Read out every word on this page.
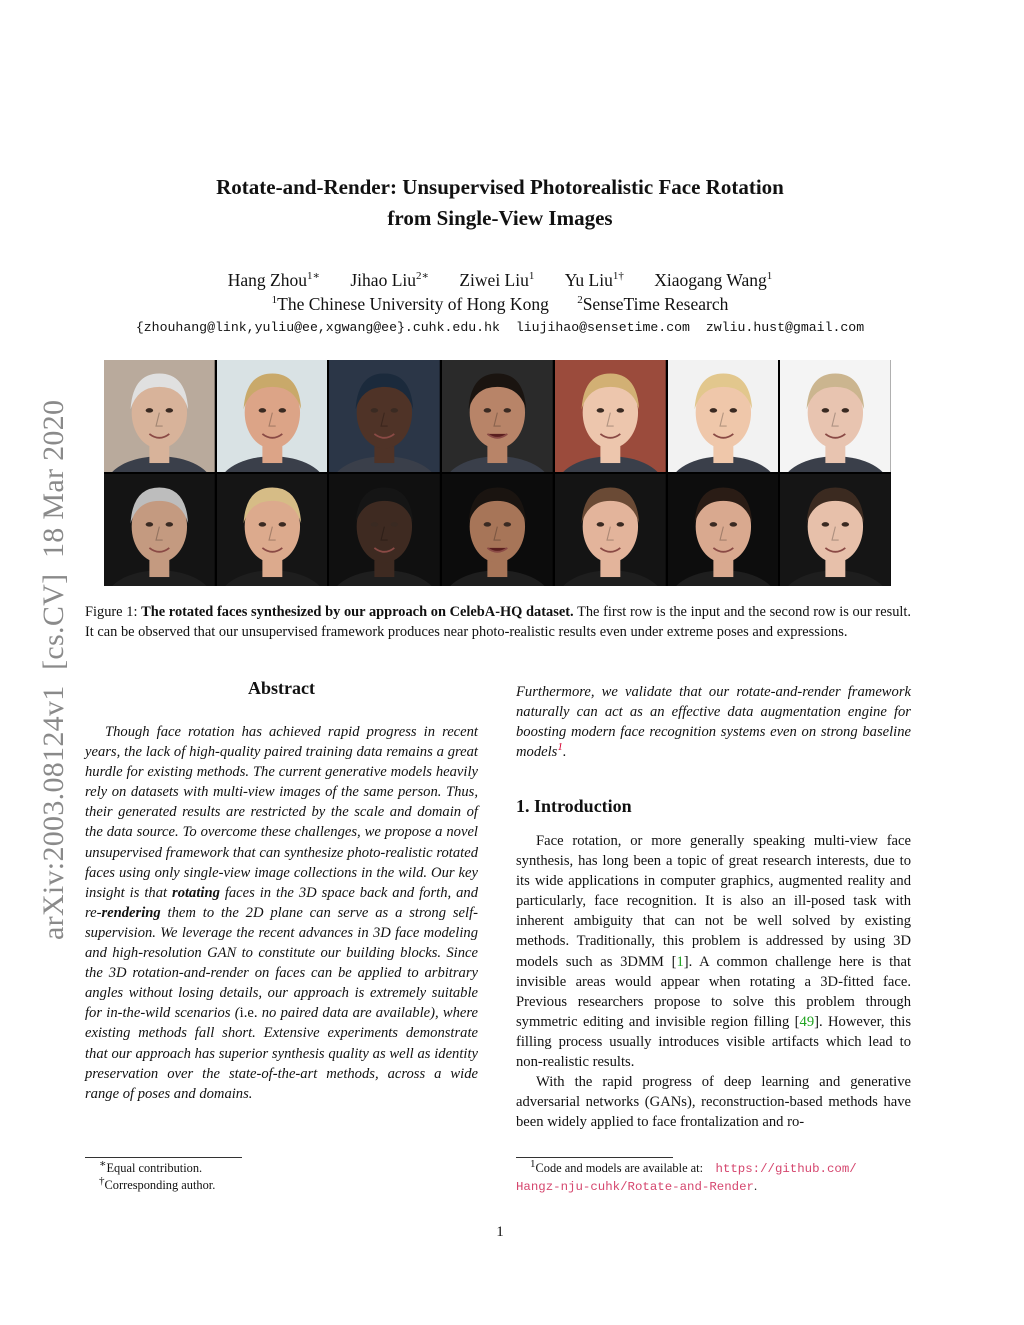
arXiv:2003.08124v1  [cs.CV]  18 Mar 2020
Rotate-and-Render: Unsupervised Photorealistic Face Rotation
from Single-View Images
Hang Zhou$^{1∗}$ Jihao Liu$^{2∗}$ Ziwei Liu$^1$ Yu Liu$^{1\dagger}$ Xiaogang Wang$^1$
$^1$The Chinese University of Hong Kong	$^2$SenseTime Research
{zhouhang@link,yuliu@ee,xgwang@ee}.cuhk.edu.hk liujihao@sensetime.com zwliu.hust@gmail.com
Figure 1: The rotated faces synthesized by our approach on CelebA-HQ dataset. The first row is the input and the second row is our result. It can be observed that our unsupervised framework produces near photo-realistic results even under extreme poses and expressions.
Abstract

Though face rotation has achieved rapid progress in recent years, the lack of high-quality paired training data remains a great hurdle for existing methods. The current generative models heavily rely on datasets with multi-view images of the same person. Thus, their generated results are restricted by the scale and domain of the data source. To overcome these challenges, we propose a novel unsupervised framework that can synthesize photo-realistic rotated faces using only single-view image collections in the wild. Our key insight is that rotating faces in the 3D space back and forth, and re-rendering them to the 2D plane can serve as a strong self-supervision. We leverage the recent advances in 3D face modeling and high-resolution GAN to constitute our building blocks. Since the 3D rotation-and-render on faces can be applied to arbitrary angles without losing details, our approach is extremely suitable for in-the-wild scenarios (i.e. no paired data are available), where existing methods fall short. Extensive experiments demonstrate that our approach has superior synthesis quality as well as identity preservation over the state-of-the-art methods, across a wide range of poses and domains.

∗Equal contribution.
†Corresponding author.

Furthermore, we validate that our rotate-and-render framework naturally can act as an effective data augmentation engine for boosting modern face recognition systems even on strong baseline models$^1$.

1. Introduction

Face rotation, or more generally speaking multi-view face synthesis, has long been a topic of great research interests, due to its wide applications in computer graphics, augmented reality and particularly, face recognition. It is also an ill-posed task with inherent ambiguity that can not be well solved by existing methods. Traditionally, this problem is addressed by using 3D models such as 3DMM [1]. A common challenge here is that invisible areas would appear when rotating a 3D-fitted face. Previous researchers propose to solve this problem through symmetric editing and invisible region filling [49]. However, this filling process usually introduces visible artifacts which lead to non-realistic results.

With the rapid progress of deep learning and generative adversarial networks (GANs), reconstruction-based methods have been widely applied to face frontalization and ro-

$^1$Code and models are available at: https://github.com/
Hangz-nju-cuhk/Rotate-and-Render.
1
